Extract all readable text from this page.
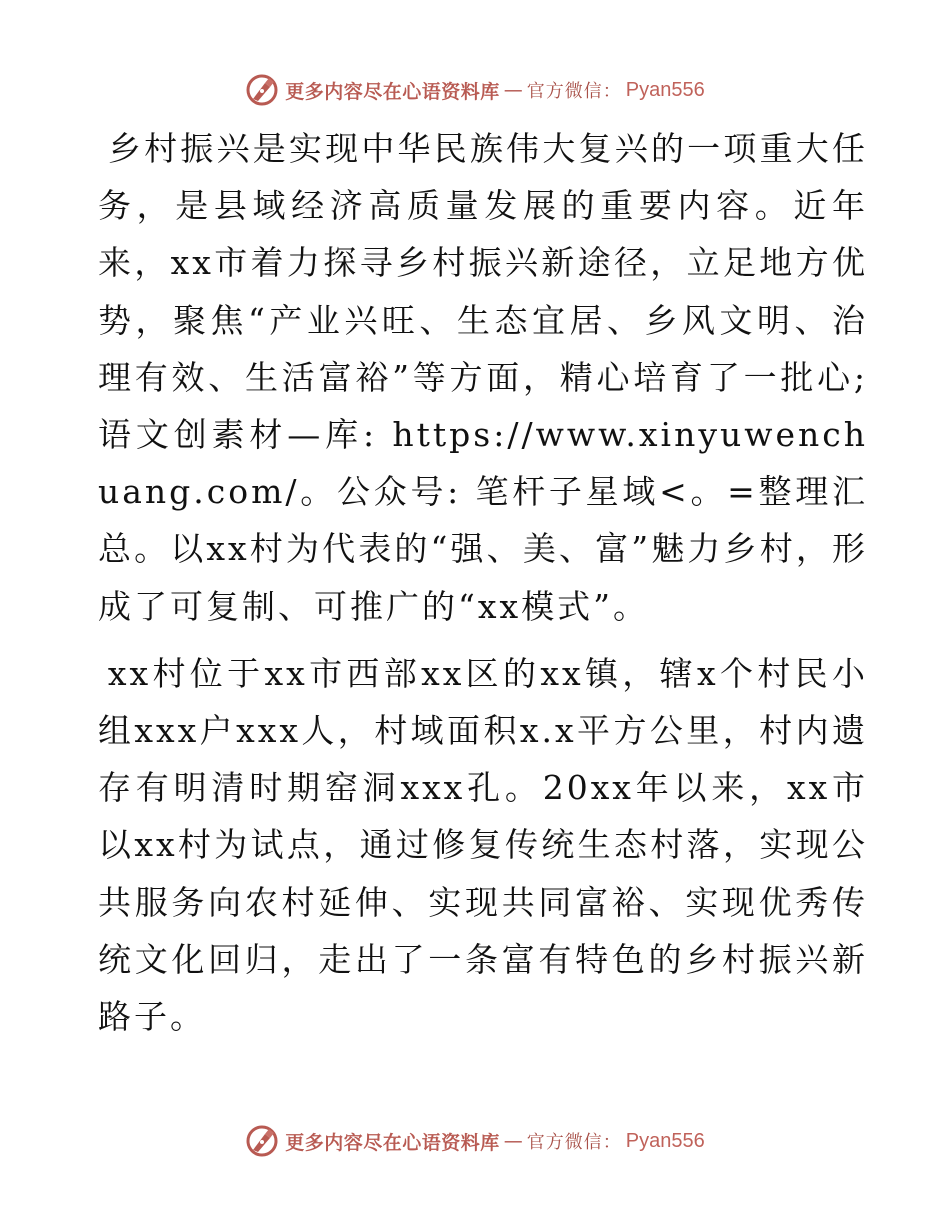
更多内容尽在心语资料库 — 官方微信： Pyan556

乡村振兴是实现中华民族伟大复兴的一项重大任务，是县域经济高质量发展的重要内容。近年来，xx市着力探寻乡村振兴新途径，立足地方优势，聚焦“产业兴旺、生态宜居、乡风文明、治理有效、生活富裕”等方面，精心培育了一批心;语文创素材—库: https://www.xinyuwenchuang.com/。公众号: 笔杆子星域<。=整理汇总。以xx村为代表的“强、美、富”魅力乡村，形成了可复制、可推广的“xx模式”。

xx村位于xx市西部xx区的xx镇，辖x个村民小组xxx户xxx人，村域面积x.x平方公里，村内遗存有明清时期窑洞xxx孔。20xx年以来，xx市以xx村为试点，通过修复传统生态村落，实现公共服务向农村延伸、实现共同富裕、实现优秀传统文化回归，走出了一条富有特色的乡村振兴新路子。

更多内容尽在心语资料库 — 官方微信： Pyan556
